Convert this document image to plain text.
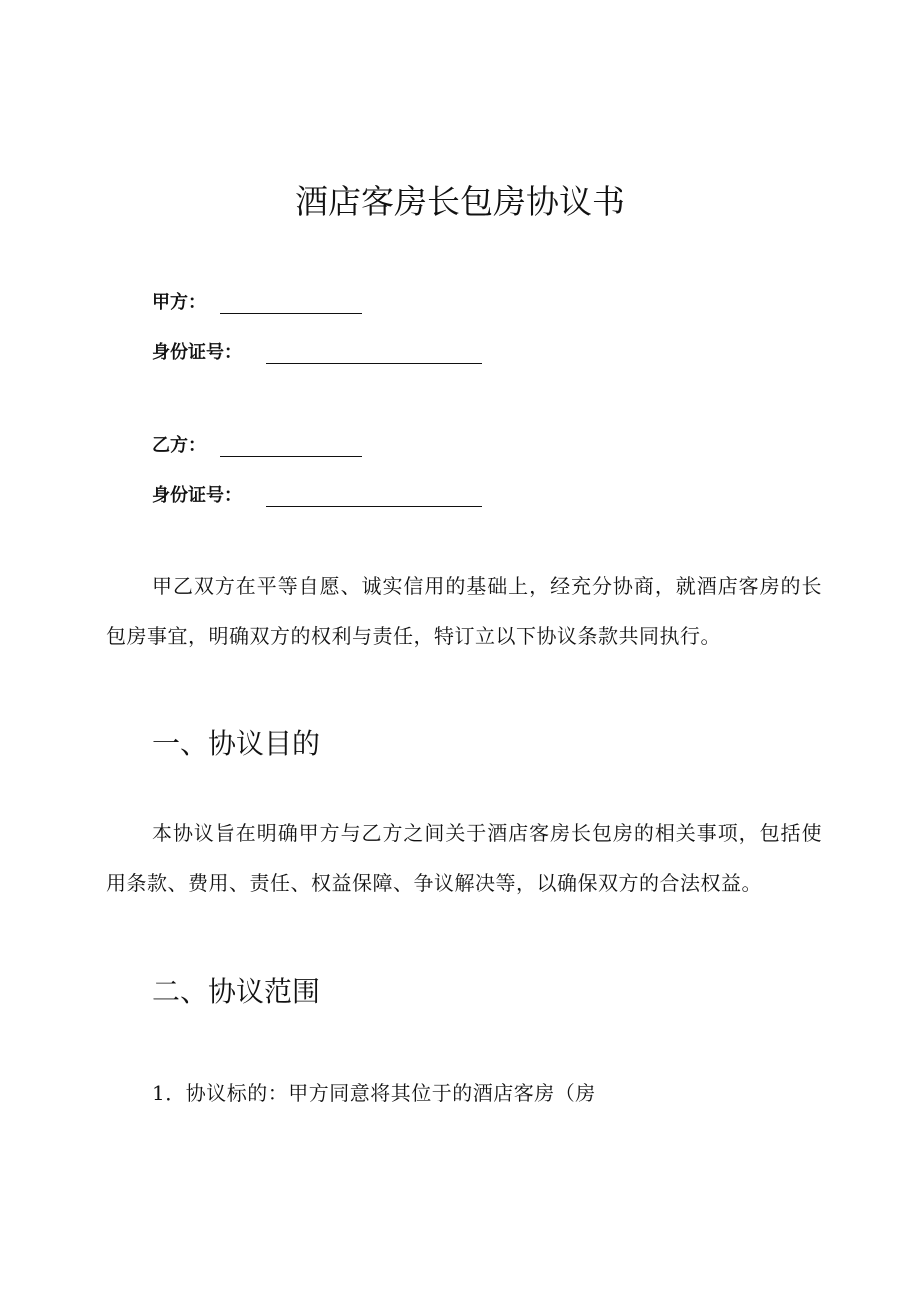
酒店客房长包房协议书
甲方：
身份证号：
乙方：
身份证号：

甲乙双方在平等自愿、诚实信用的基础上，经充分协商，就酒店客房的长包房事宜，明确双方的权利与责任，特订立以下协议条款共同执行。

一、协议目的

本协议旨在明确甲方与乙方之间关于酒店客房长包房的相关事项，包括使用条款、费用、责任、权益保障、争议解决等，以确保双方的合法权益。

二、协议范围

1．协议标的：甲方同意将其位于的酒店客房（房
